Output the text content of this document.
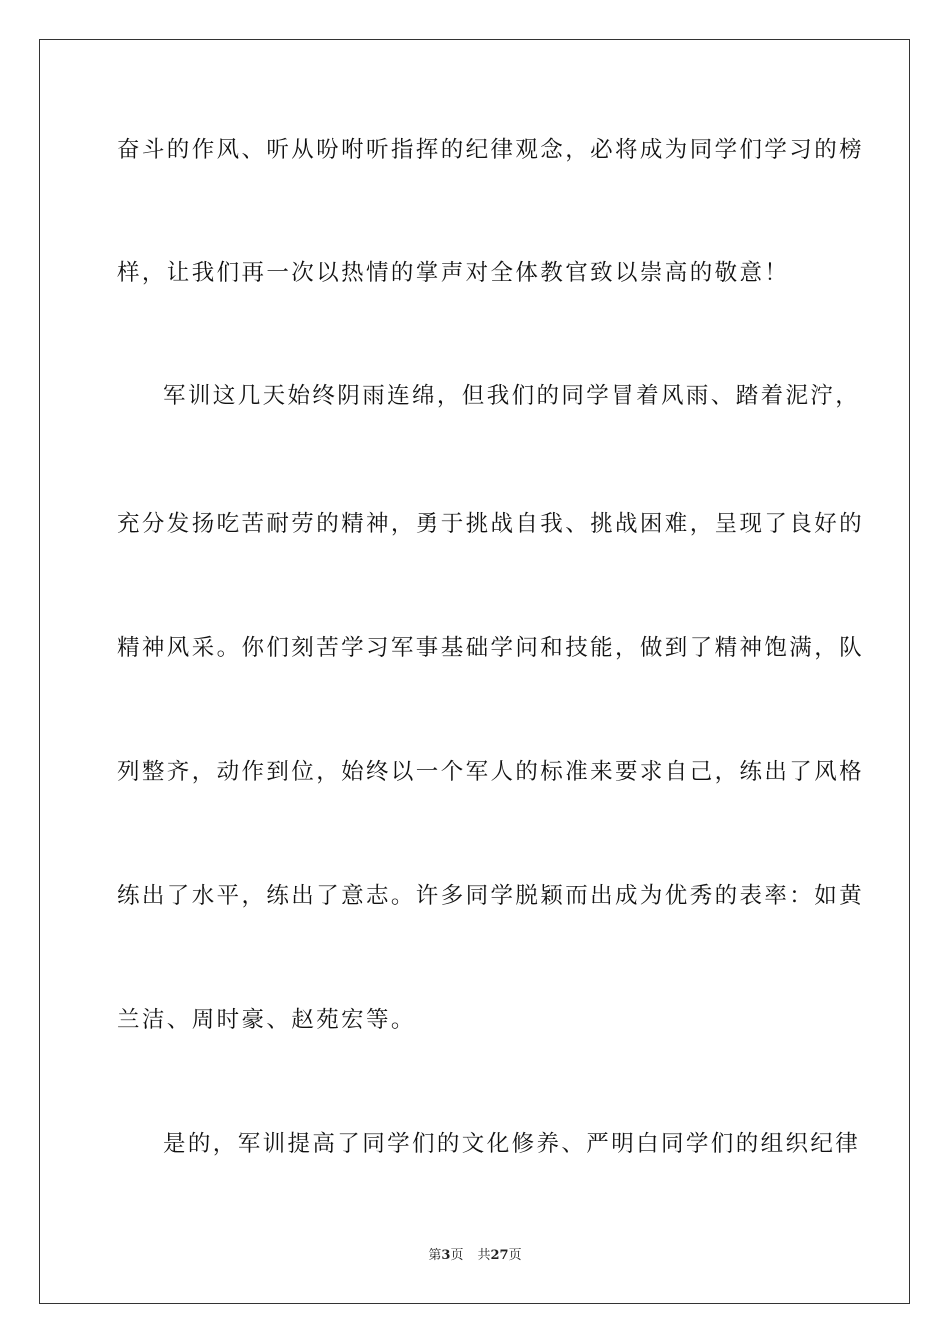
奋斗的作风、听从吩咐听指挥的纪律观念，必将成为同学们学习的榜
样，让我们再一次以热情的掌声对全体教官致以崇高的敬意！
军训这几天始终阴雨连绵，但我们的同学冒着风雨、踏着泥泞，
充分发扬吃苦耐劳的精神，勇于挑战自我、挑战困难，呈现了良好的
精神风采。你们刻苦学习军事基础学问和技能，做到了精神饱满，队
列整齐，动作到位，始终以一个军人的标准来要求自己，练出了风格
练出了水平，练出了意志。许多同学脱颖而出成为优秀的表率：如黄
兰洁、周时豪、赵苑宏等。
是的，军训提高了同学们的文化修养、严明白同学们的组织纪律
第3页 共27页
